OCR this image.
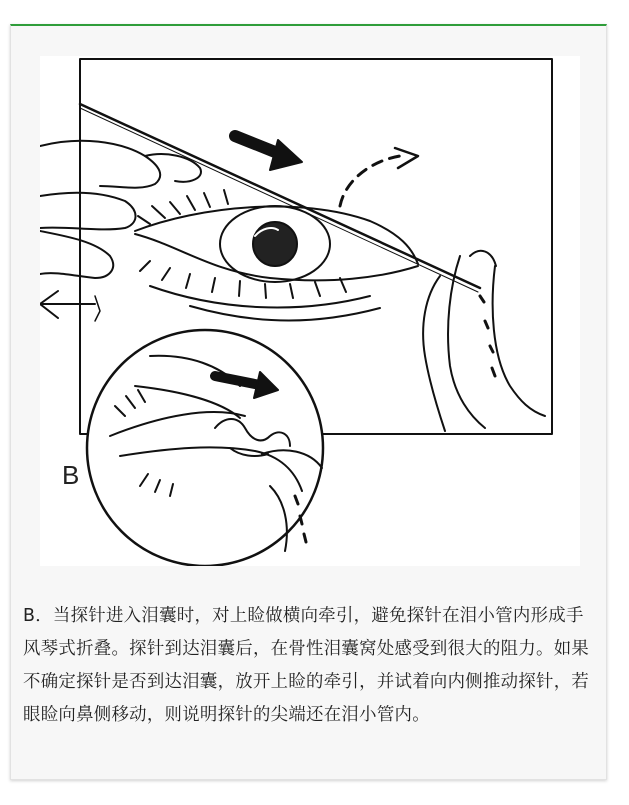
B
B．当探针进入泪囊时，对上睑做横向牵引，避免探针在泪小管内形成手风琴式折叠。探针到达泪囊后，在骨性泪囊窝处感受到很大的阻力。如果不确定探针是否到达泪囊，放开上睑的牵引，并试着向内侧推动探针，若眼睑向鼻侧移动，则说明探针的尖端还在泪小管内。
